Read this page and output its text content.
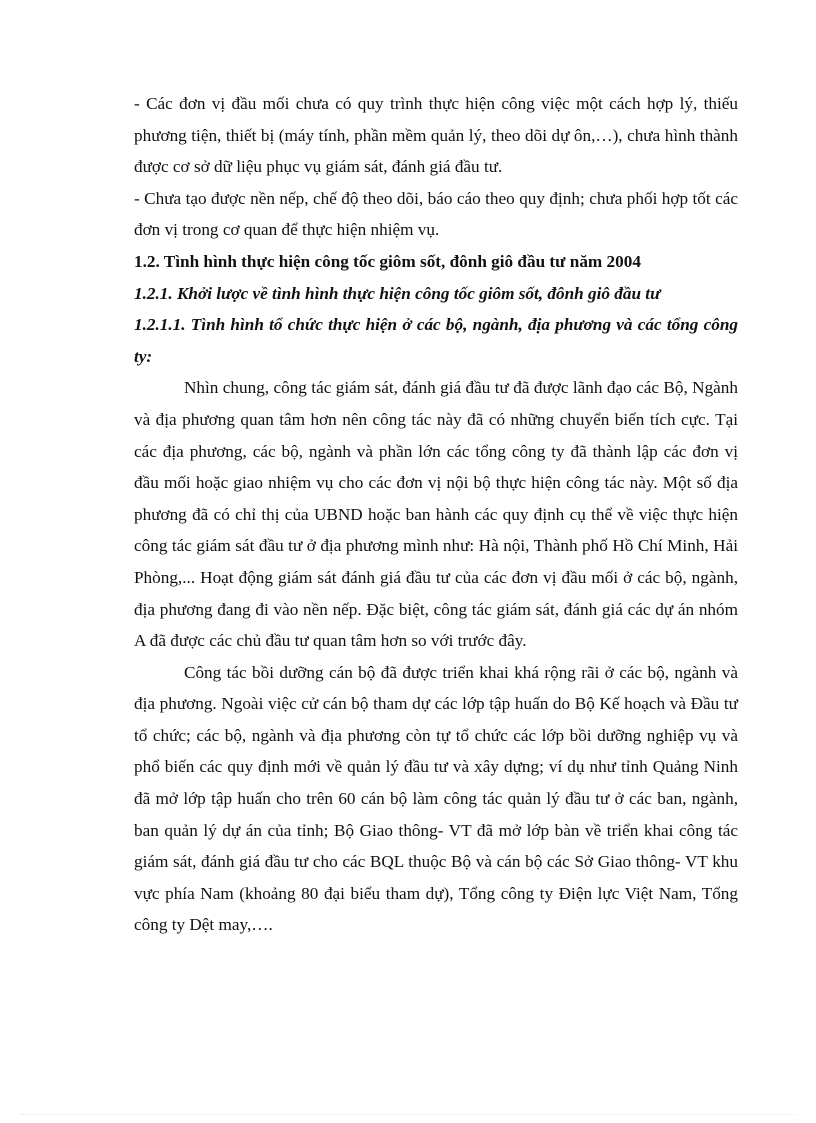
- Các đơn vị đầu mối chưa có quy trình thực hiện công việc một cách hợp lý, thiếu phương tiện, thiết bị (máy tính, phần mềm quản lý, theo dõi dự ôn,…), chưa hình thành được cơ sở dữ liệu phục vụ giám sát, đánh giá đầu tư.

- Chưa tạo được nền nếp, chế độ theo dõi, báo cáo theo quy định; chưa phối hợp tốt các đơn vị trong cơ quan để thực hiện nhiệm vụ.

1.2. Tình hình thực hiện công tốc giôm sốt, đônh giô đầu tư năm 2004

1.2.1. Khởi lược về tình hình thực hiện công tốc giôm sốt, đônh giô đầu tư

1.2.1.1. Tình hình tổ chức thực hiện ở các bộ, ngành, địa phương và các tổng công ty:

Nhìn chung, công tác giám sát, đánh giá đầu tư đã được lãnh đạo các Bộ, Ngành và địa phương quan tâm hơn nên công tác này đã có những chuyển biến tích cực. Tại các địa phương, các bộ, ngành và phần lớn các tổng công ty đã thành lập các đơn vị đầu mối hoặc giao nhiệm vụ cho các đơn vị nội bộ thực hiện công tác này. Một số địa phương đã có chỉ thị của UBND hoặc ban hành các quy định cụ thể về việc thực hiện công tác giám sát đầu tư ở địa phương mình như: Hà nội, Thành phố Hồ Chí Minh, Hải Phòng,... Hoạt động giám sát đánh giá đầu tư của các đơn vị đầu mối ở các bộ, ngành, địa phương đang đi vào nền nếp. Đặc biệt, công tác giám sát, đánh giá các dự án nhóm A đã được các chủ đầu tư quan tâm hơn so với trước đây.

Công tác bồi dưỡng cán bộ đã được triển khai khá rộng rãi ở các bộ, ngành và địa phương. Ngoài việc cử cán bộ tham dự các lớp tập huấn do Bộ Kế hoạch và Đầu tư tổ chức; các bộ, ngành và địa phương còn tự tổ chức các lớp bồi dưỡng nghiệp vụ và phổ biến các quy định mới về quản lý đầu tư và xây dựng; ví dụ như tỉnh Quảng Ninh đã mở lớp tập huấn cho trên 60 cán bộ làm công tác quản lý đầu tư ở các ban, ngành, ban quản lý dự án của tỉnh; Bộ Giao thông- VT đã mở lớp bàn về triển khai công tác giám sát, đánh giá đầu tư cho các BQL thuộc Bộ và cán bộ các Sở Giao thông- VT khu vực phía Nam (khoảng 80 đại biểu tham dự), Tổng công ty Điện lực Việt Nam, Tổng công ty Dệt may,….
